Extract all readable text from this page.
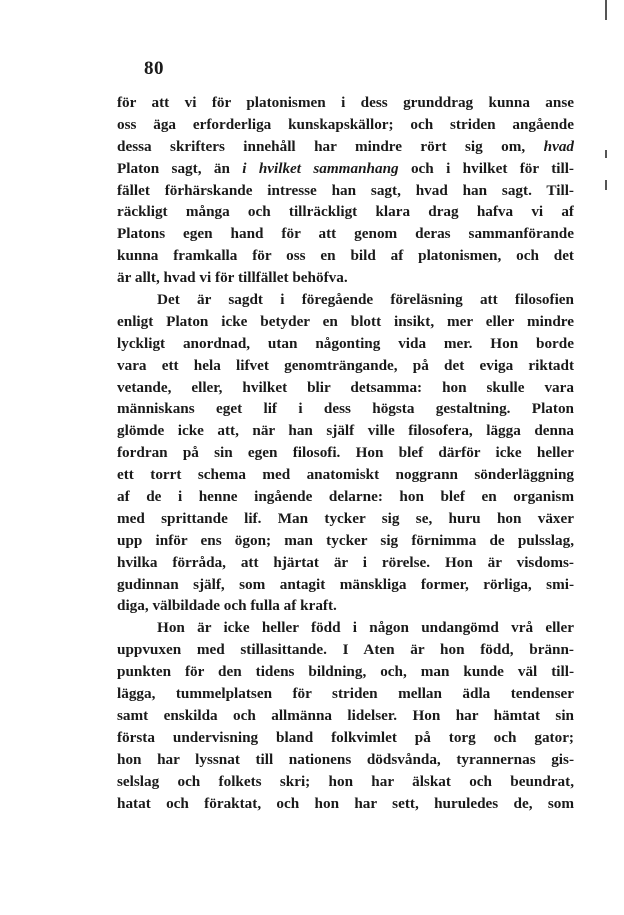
80
för att vi för platonismen i dess grunddrag kunna anse
oss äga erforderliga kunskapskällor; och striden angående
dessa skrifters innehåll har mindre rört sig om, hvad
Platon sagt, än i hvilket sammanhang och i hvilket för till-
fället förhärskande intresse han sagt, hvad han sagt. Till-
räckligt många och tillräckligt klara drag hafva vi af
Platons egen hand för att genom deras sammanförande
kunna framkalla för oss en bild af platonismen, och det
är allt, hvad vi för tillfället behöfva.
Det är sagdt i föregående föreläsning att filosofien
enligt Platon icke betyder en blott insikt, mer eller mindre
lyckligt anordnad, utan någonting vida mer. Hon borde
vara ett hela lifvet genomträngande, på det eviga riktadt
vetande, eller, hvilket blir detsamma: hon skulle vara
människans eget lif i dess högsta gestaltning. Platon
glömde icke att, när han själf ville filosofera, lägga denna
fordran på sin egen filosofi. Hon blef därför icke heller
ett torrt schema med anatomiskt noggrann sönderläggning
af de i henne ingående delarne: hon blef en organism
med sprittande lif. Man tycker sig se, huru hon växer
upp inför ens ögon; man tycker sig förnimma de pulsslag,
hvilka förråda, att hjärtat är i rörelse. Hon är visdoms-
gudinnan själf, som antagit mänskliga former, rörliga, smi-
diga, välbildade och fulla af kraft.
Hon är icke heller född i någon undangömd vrå eller
uppvuxen med stillasittande. I Aten är hon född, bränn-
punkten för den tidens bildning, och, man kunde väl till-
lägga, tummelplatsen för striden mellan ädla tendenser
samt enskilda och allmänna lidelser. Hon har hämtat sin
första undervisning bland folkvimlet på torg och gator;
hon har lyssnat till nationens dödsvånda, tyrannernas gis-
selslag och folkets skri; hon har älskat och beundrat,
hatat och föraktat, och hon har sett, huruledes de, som
